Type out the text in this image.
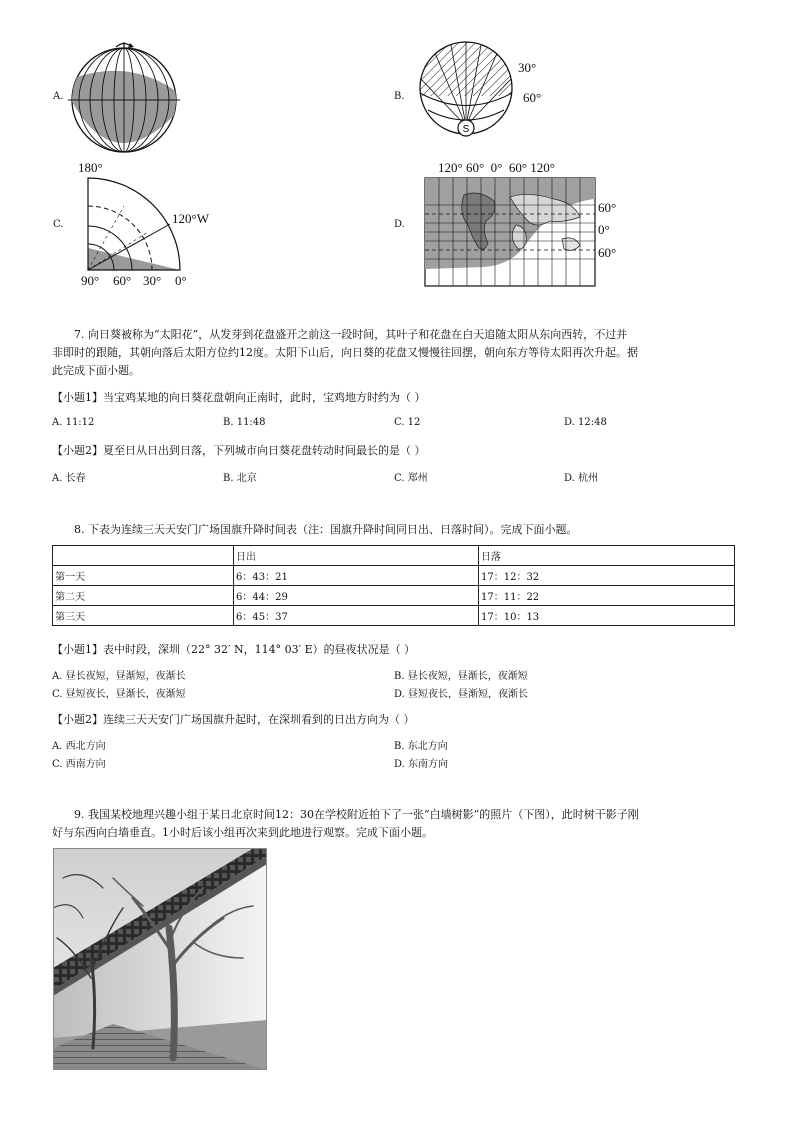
A.	B.
S
30°
60°
C.
180°
120°W
90° 60° 30° 0°
D.
120° 60°  0°  60° 120°
60°
0°
60°
7. 向日葵被称为“太阳花”，从发芽到花盘盛开之前这一段时间，其叶子和花盘在白天追随太阳从东向西转，不过并
非即时的跟随，其朝向落后太阳方位约12度。太阳下山后，向日葵的花盘又慢慢往回摆，朝向东方等待太阳再次升起。据
此完成下面小题。
【小题1】当宝鸡某地的向日葵花盘朝向正南时，此时，宝鸡地方时约为（ ）
A. 11:12	B. 11:48	C. 12	D. 12:48
【小题2】夏至日从日出到日落，下列城市向日葵花盘转动时间最长的是（ ）
A. 长春	B. 北京	C. 郑州	D. 杭州
8. 下表为连续三天天安门广场国旗升降时间表（注：国旗升降时间同日出、日落时间）。完成下面小题。
	日出	日落
第一天	6：43：21	17：12：32
第二天	6：44：29	17：11：22
第三天	6：45：37	17：10：13
【小题1】表中时段，深圳（22° 32′ N，114° 03′ E）的昼夜状况是（ ）
A. 昼长夜短，昼渐短，夜渐长	B. 昼长夜短，昼渐长，夜渐短
C. 昼短夜长，昼渐长，夜渐短	D. 昼短夜长，昼渐短，夜渐长
【小题2】连续三天天安门广场国旗升起时，在深圳看到的日出方向为（ ）
A. 西北方向	B. 东北方向
C. 西南方向	D. 东南方向
9. 我国某校地理兴趣小组于某日北京时间12：30在学校附近拍下了一张“白墙树影”的照片（下图），此时树干影子刚
好与东西向白墙垂直。1小时后该小组再次来到此地进行观察。完成下面小题。
